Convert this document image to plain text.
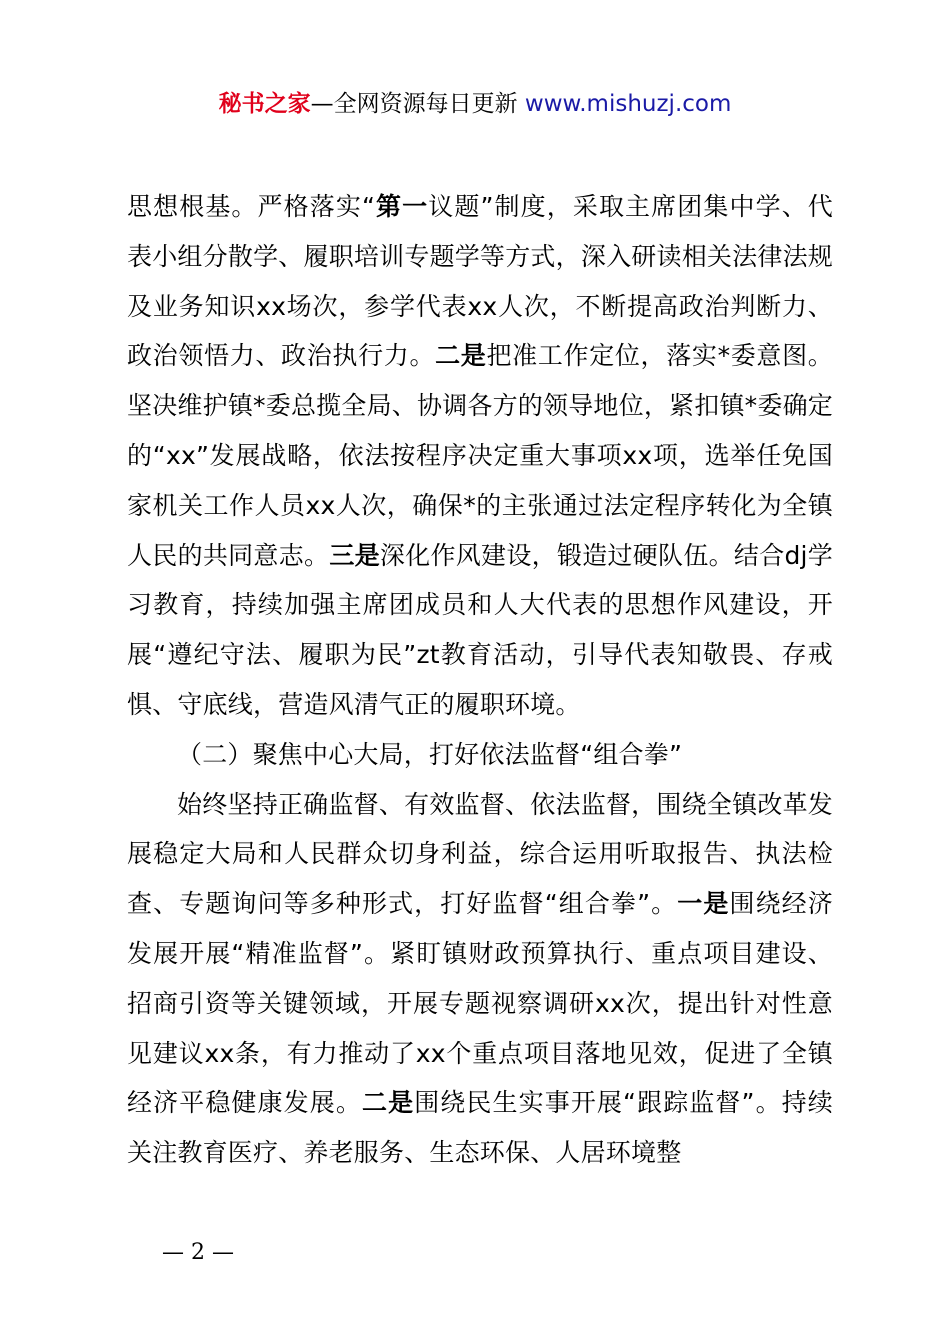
秘书之家—全网资源每日更新 www.mishuzj.com

思想根基。严格落实“第一议题”制度，采取主席团集中学、代表小组分散学、履职培训专题学等方式，深入研读相关法律法规及业务知识xx场次，参学代表xx人次，不断提高政治判断力、政治领悟力、政治执行力。二是把准工作定位，落实*委意图。坚决维护镇*委总揽全局、协调各方的领导地位，紧扣镇*委确定的“xx”发展战略，依法按程序决定重大事项xx项，选举任免国家机关工作人员xx人次，确保*的主张通过法定程序转化为全镇人民的共同意志。三是深化作风建设，锻造过硬队伍。结合dj学习教育，持续加强主席团成员和人大代表的思想作风建设，开展“遵纪守法、履职为民”zt教育活动，引导代表知敬畏、存戒惧、守底线，营造风清气正的履职环境。

（二）聚焦中心大局，打好依法监督“组合拳”

始终坚持正确监督、有效监督、依法监督，围绕全镇改革发展稳定大局和人民群众切身利益，综合运用听取报告、执法检查、专题询问等多种形式，打好监督“组合拳”。一是围绕经济发展开展“精准监督”。紧盯镇财政预算执行、重点项目建设、招商引资等关键领域，开展专题视察调研xx次，提出针对性意见建议xx条，有力推动了xx个重点项目落地见效，促进了全镇经济平稳健康发展。二是围绕民生实事开展“跟踪监督”。持续关注教育医疗、养老服务、生态环保、人居环境整

— 2 —
